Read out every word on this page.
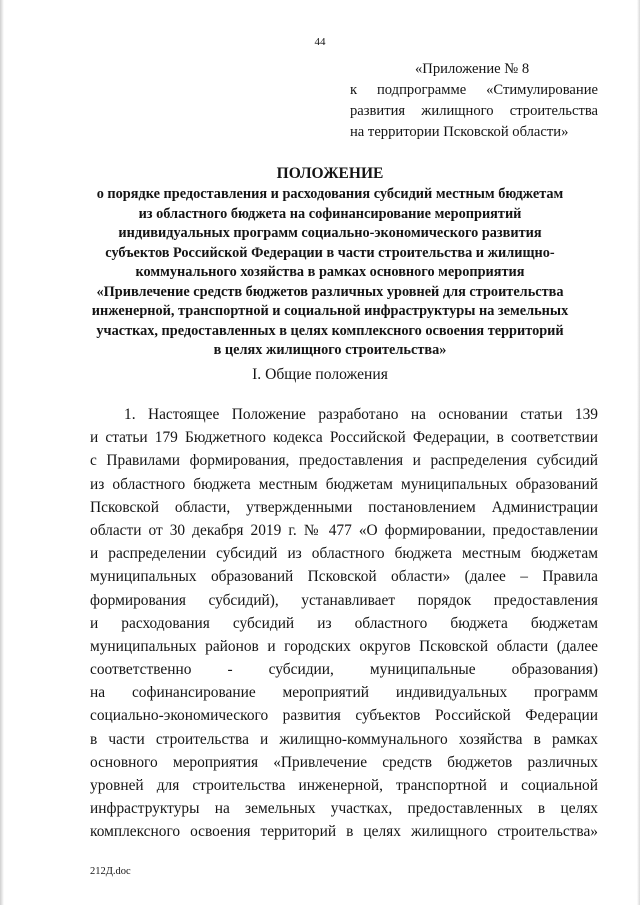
44
«Приложение № 8
к подпрограмме «Стимулирование
развития жилищного строительства
на территории Псковской области»
ПОЛОЖЕНИЕ
о порядке предоставления и расходования субсидий местным бюджетам
из областного бюджета на софинансирование мероприятий
индивидуальных программ социально-экономического развития
субъектов Российской Федерации в части строительства и жилищно-
коммунального хозяйства в рамках основного мероприятия
«Привлечение средств бюджетов различных уровней для строительства
инженерной, транспортной и социальной инфраструктуры на земельных
участках, предоставленных в целях комплексного освоения территорий
в целях жилищного строительства»
I. Общие положения
1. Настоящее Положение разработано на основании статьи 139
и статьи 179 Бюджетного кодекса Российской Федерации, в соответствии
с Правилами формирования, предоставления и распределения субсидий
из областного бюджета местным бюджетам муниципальных образований
Псковской области, утвержденными постановлением Администрации
области от 30 декабря 2019 г. № 477 «О формировании, предоставлении
и распределении субсидий из областного бюджета местным бюджетам
муниципальных образований Псковской области» (далее – Правила
формирования субсидий), устанавливает порядок предоставления
и расходования субсидий из областного бюджета бюджетам
муниципальных районов и городских округов Псковской области (далее
соответственно - субсидии, муниципальные образования)
на софинансирование мероприятий индивидуальных программ
социально-экономического развития субъектов Российской Федерации
в части строительства и жилищно-коммунального хозяйства в рамках
основного мероприятия «Привлечение средств бюджетов различных
уровней для строительства инженерной, транспортной и социальной
инфраструктуры на земельных участках, предоставленных в целях
комплексного освоения территорий в целях жилищного строительства»
212Д.doc
